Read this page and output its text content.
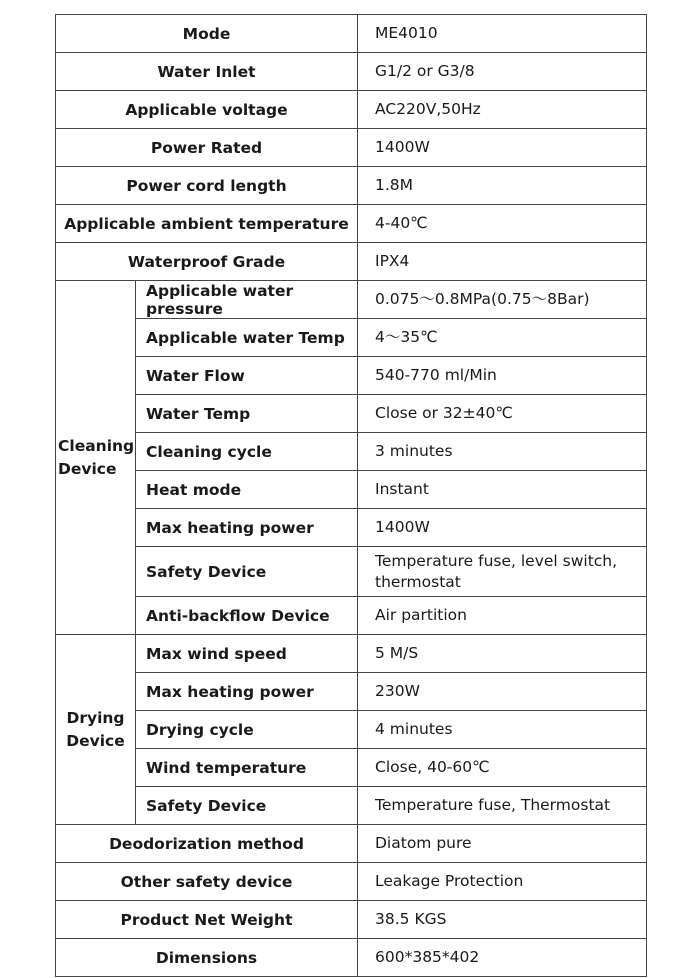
Mode		ME4010
Water Inlet		G1/2 or G3/8
Applicable voltage		AC220V,50Hz
Power Rated		1400W
Power cord length		1.8M
Applicable ambient temperature		4-40℃
Waterproof Grade		IPX4
Cleaning Device	Applicable water pressure	0.075～0.8MPa(0.75～8Bar)
	Applicable water Temp	4～35℃
	Water Flow	540-770 ml/Min
	Water Temp	Close or 32±40℃
	Cleaning cycle	3 minutes
	Heat mode	Instant
	Max heating power	1400W
	Safety Device	Temperature fuse, level switch, thermostat
	Anti-backflow Device	Air partition
Drying Device	Max wind speed	5 M/S
	Max heating power	230W
	Drying cycle	4 minutes
	Wind temperature	Close, 40-60℃
	Safety Device	Temperature fuse, Thermostat
Deodorization method		Diatom pure
Other safety device		Leakage Protection
Product Net Weight		38.5 KGS
Dimensions		600*385*402
